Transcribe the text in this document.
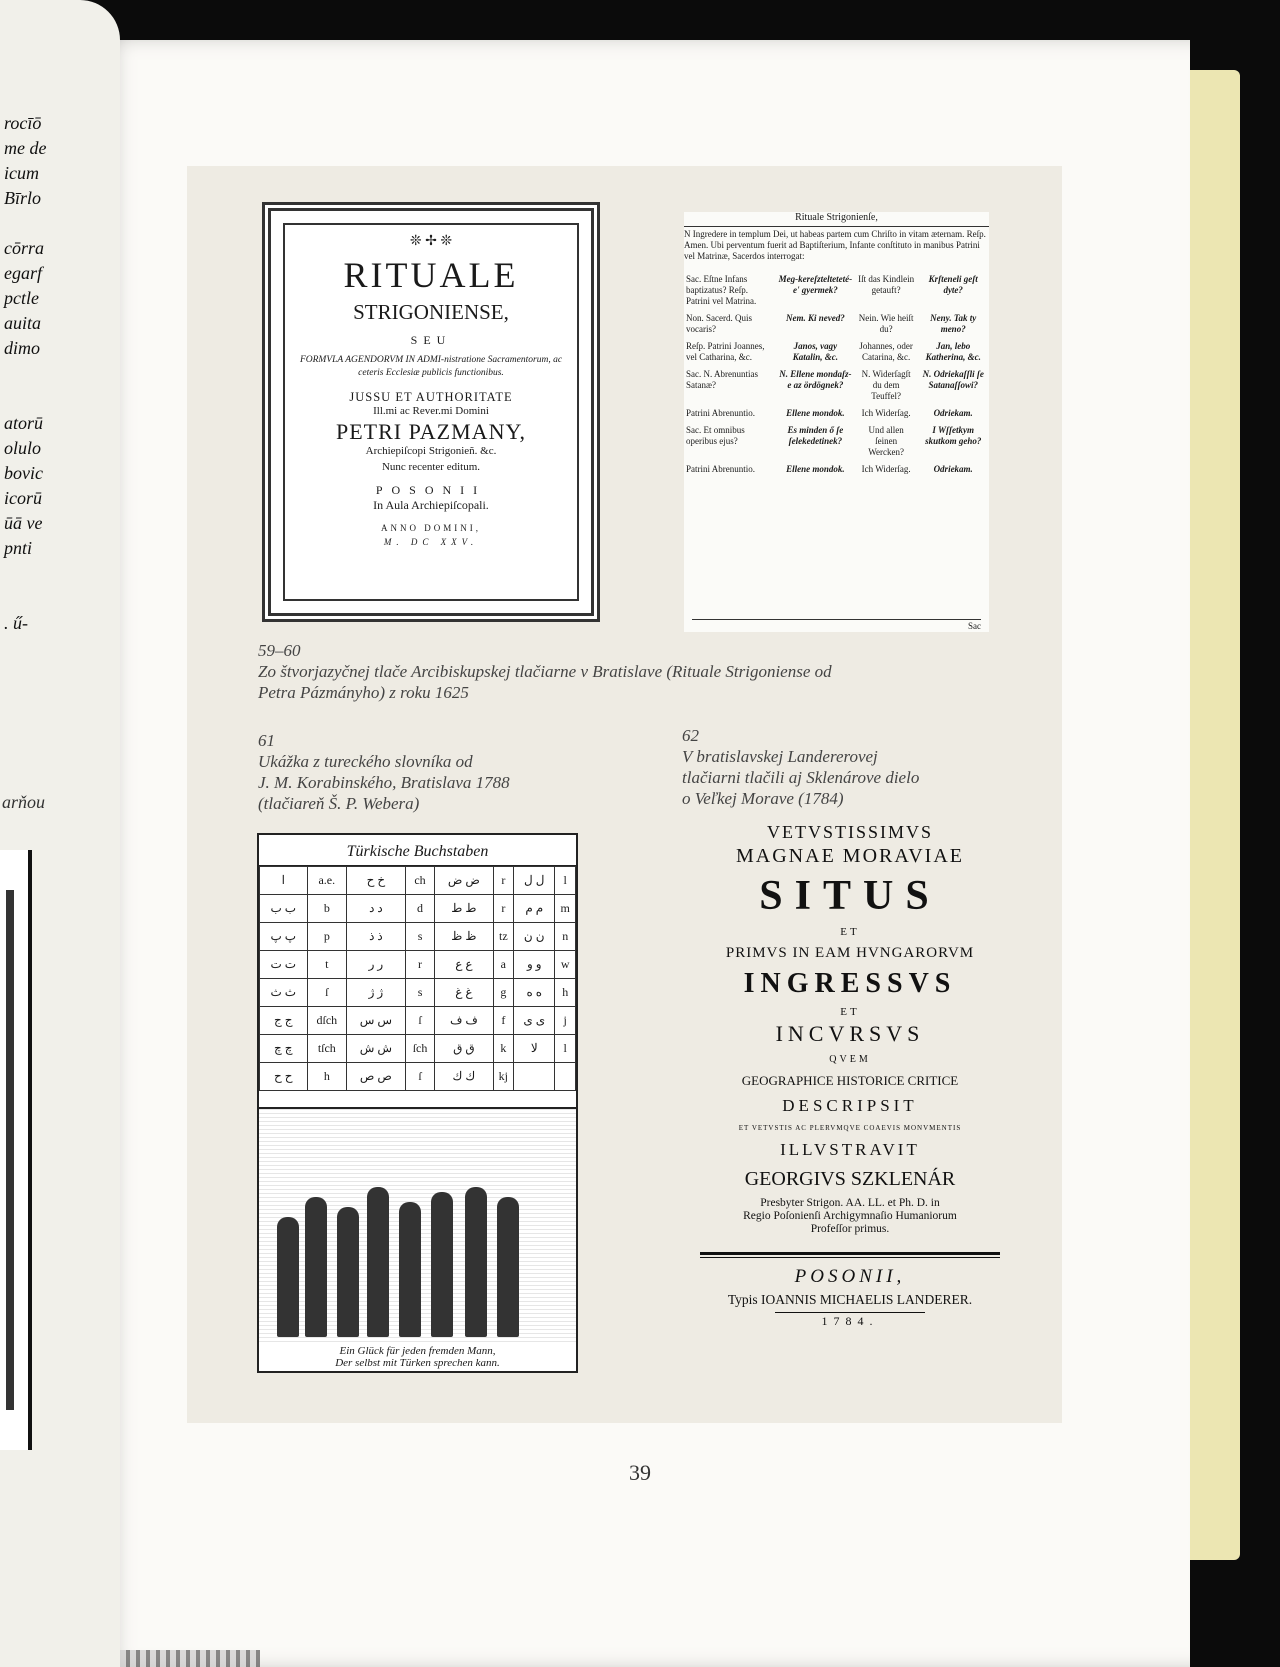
rocīō
me de
icum
Bīrlo
cōrra
egarf
pctle
auita
dimo
atorū
olulo
bovic
icorū
ūā ve
pnti
. ű-
arňou
❊ ✢ ❊
RITUALE
STRIGONIENSE,
SEU
FORMVLA AGENDORVM IN ADMI-nistratione Sacramentorum, ac ceteris Ecclesiæ publicis functionibus.
JUSSU ET AUTHORITATE
Ill.mi ac Rever.mi Domini
PETRI PAZMANY,
Archiepiſcopi Strigonieñ. &c.
Nunc recenter editum.
POSONII
In Aula Archiepiſcopali.
ANNO DOMINI,
M. DC XXV.
Rituale Strigonienſe,
N Ingredere in templum Dei, ut habeas partem cum Chriſto in vitam æternam. Reſp. Amen. Ubi perventum fuerit ad Baptiſterium, Infante conſtituto in manibus Patrini vel Matrinæ, Sacerdos interrogat:
Sac. Eſtne Infans baptizatus? Reſp. Patrini vel Matrina.	Meg-kereſztelteteté-e' gyermek?	Iſt das Kindlein getauft?	Krſteneli geſt dyte?
Non. Sacerd. Quis vocaris?	Nem. Ki neved?	Nein. Wie heiſt du?	Neny. Tak ty meno?
Reſp. Patrini Joannes, vel Catharina, &c.	Janos, vagy Katalin, &c.	Johannes, oder Catarina, &c.	Jan, lebo Katherina, &c.
Sac. N. Abrenuntias Satanæ?	N. Ellene mondaſz-e az ördögnek?	N. Widerſagſt du dem Teuffel?	N. Odriekaſſli ſe Satanaſſowi?
Patrini Abrenuntio.	Ellene mondok.	Ich Widerſag.	Odriekam.
Sac. Et omnibus operibus ejus?	Es minden ő ſe ſelekedetinek?	Und allen ſeinen Wercken?	I Wſſetkym skutkom geho?
Patrini Abrenuntio.	Ellene mondok.	Ich Widerſag.	Odriekam.
Sac
59–60
Zo štvorjazyčnej tlače Arcibiskupskej tlačiarne v Bratislave (Rituale Strigoniense od
Petra Pázmányho) z roku 1625
61
Ukážka z tureckého slovníka od
J. M. Korabinského, Bratislava 1788
(tlačiareň Š. P. Webera)
62
V bratislavskej Landererovej
tlačiarni tlačili aj Sklenárove dielo
o Veľkej Morave (1784)
Türkische Buchstaben
ا	a.e.	خ ح	ch	ض ض	r	ل ل	l
ب ب	b	د د	d	ط ط	r	م م	m
پ پ	p	ذ ذ	s	ظ ظ	tz	ن ن	n
ت ت	t	ر ر	r	ع ع	a	و و	w
ث ث	ſ	ژ ژ	s	غ غ	g	ه ه	h
ج ج	dſch	س س	ſ	ف ف	f	ى ى	j
چ چ	tſch	ش ش	ſch	ق ق	k	لا	l
ح ح	h	ص ص	ſ	ك ك	kj		
Ein Glück für jeden fremden Mann,
Der selbst mit Türken sprechen kann.
VETVSTISSIMVS
MAGNAE MORAVIAE
SITUS
ET
PRIMVS IN EAM HVNGARORVM
INGRESSVS
ET
INCVRSVS
QVEM
GEOGRAPHICE HISTORICE CRITICE
DESCRIPSIT
ET VETVSTIS AC PLERVMQVE COAEVIS MONVMENTIS
ILLVSTRAVIT
GEORGIVS SZKLENÁR
Presbyter Strigon. AA. LL. et Ph. D. in
Regio Poſonienſi Archigymnaſio Humaniorum
Profeſſor primus.
POSONII,
Typis IOANNIS MICHAELIS LANDERER.
1784.
39
